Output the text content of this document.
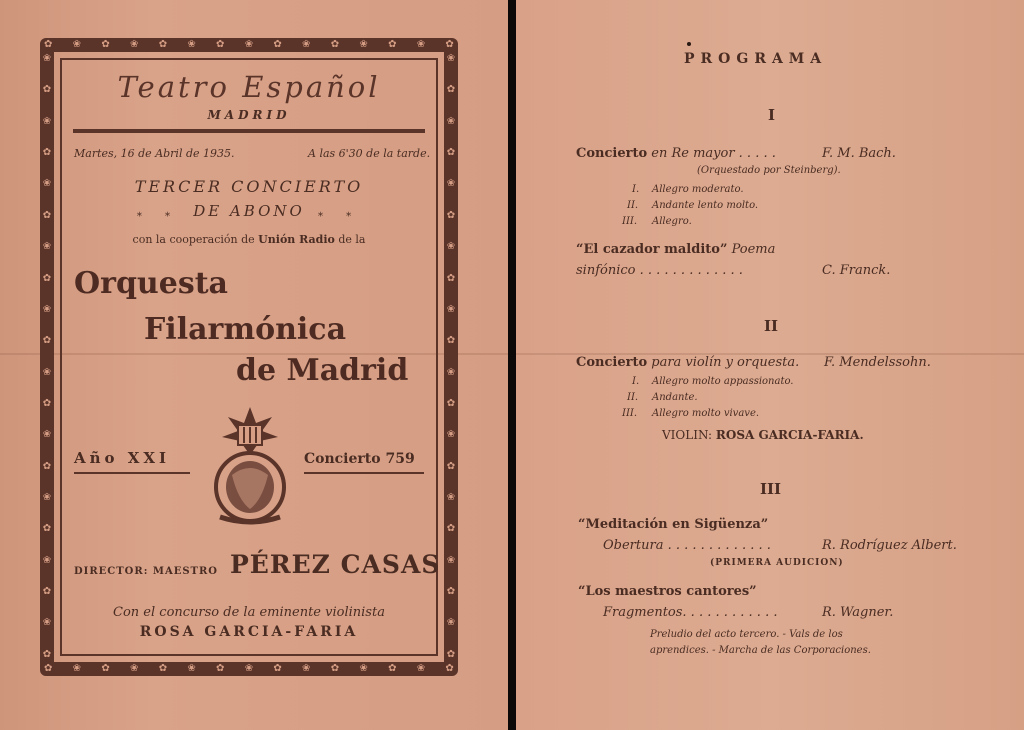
✿ ❀ ✿ ❀ ✿ ❀ ✿ ❀ ✿ ❀ ✿ ❀ ✿ ❀ ✿
✿ ❀ ✿ ❀ ✿ ❀ ✿ ❀ ✿ ❀ ✿ ❀ ✿ ❀ ✿
❀
✿
❀
✿
❀
✿
❀
✿
❀
✿
❀
✿
❀
✿
❀
✿
❀
✿
❀
✿
❀
✿
❀
✿
❀
✿
❀
✿
❀
✿
❀
✿
❀
✿
❀
✿
❀
✿
❀
✿
Teatro Español
MADRID
Martes, 16 de Abril de 1935.	A las 6'30 de la tarde.
TERCER CONCIERTO
⁎ ⁎ DE ABONO ⁎ ⁎
con la cooperación de Unión Radio de la
Orquesta
Filarmónica
de Madrid
Año XXI	Concierto 759
DIRECTOR: MAESTRO PÉREZ CASAS
Con el concurso de la eminente violinista
ROSA GARCIA-FARIA
PROGRAMA
I
Concierto en Re mayor . . . . .	F. M. Bach.
(Orquestado por Steinberg).
I. Allegro moderato.
II. Andante lento molto.
III. Allegro.
“El cazador maldito” Poema
sinfónico . . . . . . . . . . . . .	C. Franck.
II
Concierto para violín y orquesta. F. Mendelssohn.
I. Allegro molto appassionato.
II. Andante.
III. Allegro molto vivave.
VIOLIN: ROSA GARCIA-FARIA.
III
“Meditación en Sigüenza”
Obertura . . . . . . . . . . . . .	R. Rodríguez Albert.
(PRIMERA AUDICION)
“Los maestros cantores”
Fragmentos. . . . . . . . . . . .	R. Wagner.
Preludio del acto tercero. - Vals de los
aprendices. - Marcha de las Corporaciones.
